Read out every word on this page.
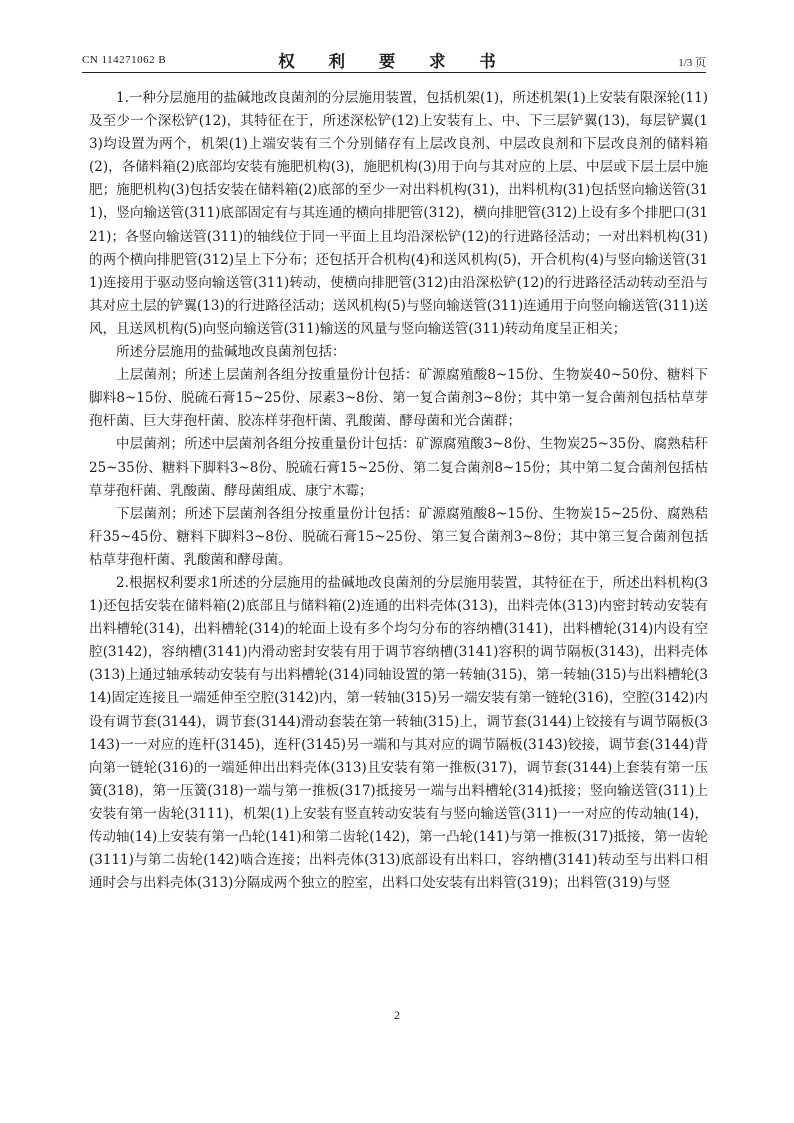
CN 114271062 B	权 利 要 求 书	1/3 页

1.一种分层施用的盐碱地改良菌剂的分层施用装置，包括机架(1)，所述机架(1)上安装有限深轮(11)及至少一个深松铲(12)，其特征在于，所述深松铲(12)上安装有上、中、下三层铲翼(13)，每层铲翼(13)均设置为两个，机架(1)上端安装有三个分别储存有上层改良剂、中层改良剂和下层改良剂的储料箱(2)，各储料箱(2)底部均安装有施肥机构(3)，施肥机构(3)用于向与其对应的上层、中层或下层土层中施肥；施肥机构(3)包括安装在储料箱(2)底部的至少一对出料机构(31)，出料机构(31)包括竖向输送管(311)，竖向输送管(311)底部固定有与其连通的横向排肥管(312)，横向排肥管(312)上设有多个排肥口(3121)；各竖向输送管(311)的轴线位于同一平面上且均沿深松铲(12)的行进路径活动；一对出料机构(31)的两个横向排肥管(312)呈上下分布；还包括开合机构(4)和送风机构(5)，开合机构(4)与竖向输送管(311)连接用于驱动竖向输送管(311)转动，使横向排肥管(312)由沿深松铲(12)的行进路径活动转动至沿与其对应土层的铲翼(13)的行进路径活动；送风机构(5)与竖向输送管(311)连通用于向竖向输送管(311)送风，且送风机构(5)向竖向输送管(311)输送的风量与竖向输送管(311)转动角度呈正相关；

所述分层施用的盐碱地改良菌剂包括：

上层菌剂；所述上层菌剂各组分按重量份计包括：矿源腐殖酸8~15份、生物炭40~50份、糖料下脚料8~15份、脱硫石膏15~25份、尿素3~8份、第一复合菌剂3~8份；其中第一复合菌剂包括枯草芽孢杆菌、巨大芽孢杆菌、胶冻样芽孢杆菌、乳酸菌、酵母菌和光合菌群；

中层菌剂；所述中层菌剂各组分按重量份计包括：矿源腐殖酸3~8份、生物炭25~35份、腐熟秸秆25~35份、糖料下脚料3~8份、脱硫石膏15~25份、第二复合菌剂8~15份；其中第二复合菌剂包括枯草芽孢杆菌、乳酸菌、酵母菌组成、康宁木霉；

下层菌剂；所述下层菌剂各组分按重量份计包括：矿源腐殖酸8~15份、生物炭15~25份、腐熟秸秆35~45份、糖料下脚料3~8份、脱硫石膏15~25份、第三复合菌剂3~8份；其中第三复合菌剂包括枯草芽孢杆菌、乳酸菌和酵母菌。

2.根据权利要求1所述的分层施用的盐碱地改良菌剂的分层施用装置，其特征在于，所述出料机构(31)还包括安装在储料箱(2)底部且与储料箱(2)连通的出料壳体(313)，出料壳体(313)内密封转动安装有出料槽轮(314)，出料槽轮(314)的轮面上设有多个均匀分布的容纳槽(3141)，出料槽轮(314)内设有空腔(3142)，容纳槽(3141)内滑动密封安装有用于调节容纳槽(3141)容积的调节隔板(3143)，出料壳体(313)上通过轴承转动安装有与出料槽轮(314)同轴设置的第一转轴(315)，第一转轴(315)与出料槽轮(314)固定连接且一端延伸至空腔(3142)内，第一转轴(315)另一端安装有第一链轮(316)，空腔(3142)内设有调节套(3144)，调节套(3144)滑动套装在第一转轴(315)上，调节套(3144)上铰接有与调节隔板(3143)一一对应的连杆(3145)，连杆(3145)另一端和与其对应的调节隔板(3143)铰接，调节套(3144)背向第一链轮(316)的一端延伸出出料壳体(313)且安装有第一推板(317)，调节套(3144)上套装有第一压簧(318)，第一压簧(318)一端与第一推板(317)抵接另一端与出料槽轮(314)抵接；竖向输送管(311)上安装有第一齿轮(3111)，机架(1)上安装有竖直转动安装有与竖向输送管(311)一一对应的传动轴(14)，传动轴(14)上安装有第一凸轮(141)和第二齿轮(142)，第一凸轮(141)与第一推板(317)抵接，第一齿轮(3111)与第二齿轮(142)啮合连接；出料壳体(313)底部设有出料口，容纳槽(3141)转动至与出料口相通时会与出料壳体(313)分隔成两个独立的腔室，出料口处安装有出料管(319)；出料管(319)与竖

2
